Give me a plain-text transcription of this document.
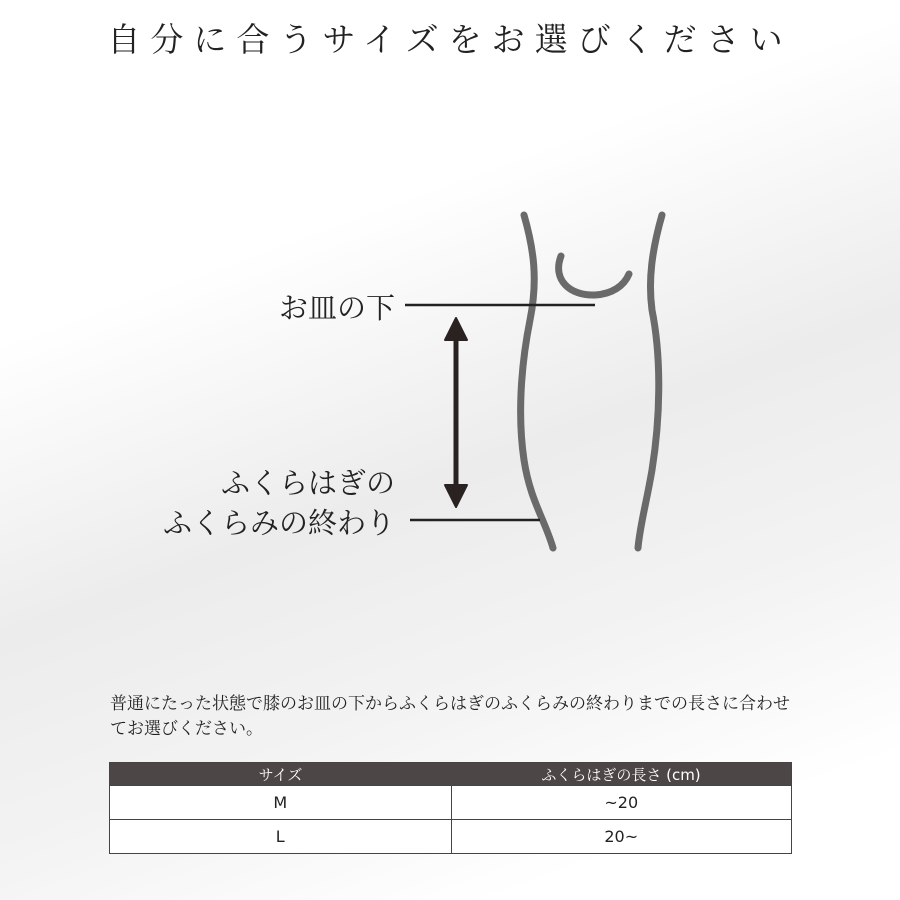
自分に合うサイズをお選びください
お皿の下
ふくらはぎの
ふくらみの終わり
普通にたった状態で膝のお皿の下からふくらはぎのふくらみの終わりまでの長さに合わせてお選びください。
サイズ	ふくらはぎの長さ (cm)
M	~20
L	20~
